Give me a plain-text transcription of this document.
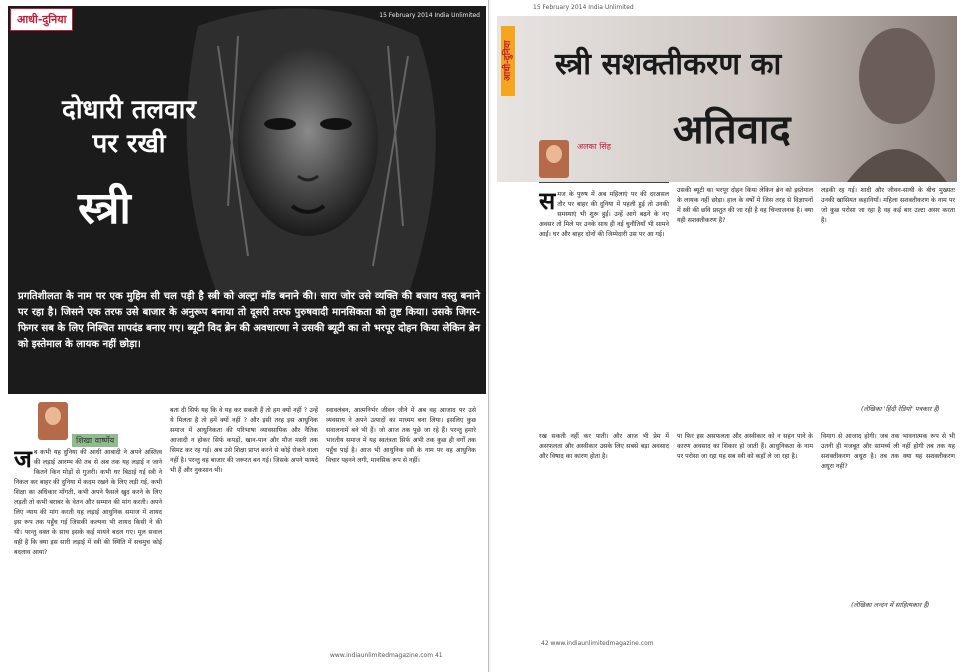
आधी-दुनिया	15 February 2014 India Unlimited
दोधारी तलवार
पर रखी
स्त्री
प्रगतिशीलता के नाम पर एक मुहिम सी चल पड़ी है स्त्री को अल्ट्रा मॉड बनाने की। सारा जोर उसे व्यक्ति की बजाय वस्तु बनाने पर रहा है। जिसने एक तरफ उसे बाजार के अनुरूप बनाया तो दूसरी तरफ पुरुषवादी मानसिकता को तुष्ट किया। उसके जिगर-फिगर सब के लिए निश्चित मापदंड बनाए गए। ब्यूटी विद ब्रेन की अवधारणा ने उसकी ब्यूटी का तो भरपूर दोहन किया लेकिन ब्रेन को इस्तेमाल के लायक नहीं छोड़ा।
शिखा वार्ष्णेय
जब कभी यह दुनिया की आधी आबादी ने अपने अस्तित्व की लड़ाई आरम्भ की तब से अब तक यह लड़ाई न जाने कितने किन मोड़ों से गुजरी। कभी घर बिठाई गई स्त्री ने निकल कर बाहर की दुनिया में कदम रखने के लिए लड़ी गई, कभी शिक्षा का अधिकार माँगती, कभी अपने फैसले खुद करने के लिए लड़ती तो कभी बराबर के वेतन और सम्मान की मांग करती। अपने लिए न्याय की मांग करती यह लड़ाई आधुनिक समाज में शायद इस रूप तक पहुँच गई जिसकी कल्पना भी शायद किसी ने की थी। परन्तु वक्त के साथ इसके कई मायने बदल गए। मूल सवाल वही है कि क्या इस सारी लड़ाई में स्त्री की स्थिति में सचमुच कोई बदलाव आया?
बता दी सिर्फ यह कि वे यह कर सकती हैं तो हम क्यों नहीं ? उन्हें ये मिलता है तो हमें क्यों नहीं ? और इसी तरह इस आधुनिक समाज में आधुनिकता की परिभाषा व्यावसायिक और नैतिक आजादी न होकर सिर्फ कपड़ों, खान-पान और मौज मस्ती तक सिमट कर रह गई। अब उसे शिक्षा प्राप्त करने से कोई रोकने वाला नहीं है। परन्तु वह बाजार की जरूरत बन गई। जिसके अपने फायदे भी हैं और नुकसान भी।
स्वावलंबन, आत्मनिर्भर जीवन जीने में अब वह आजाद पर उसे व्यवसाय ने अपने उत्पादों का माध्यम बना लिया। इसलिए कुछ सवालनामें बने भी हैं। जो आज तक पूछे जा रहे हैं। परन्तु हमारे भारतीय समाज में यह स्वतंत्रता सिर्फ अभी तक कुछ ही वर्गों तक पहुँच पाई है। आज भी आधुनिक स्त्री के नाम पर वह आधुनिक विचार पहनने लगी, मानसिक रूप से नहीं।
www.indiaunlimitedmagazine.com 41
15 February 2014 India Unlimited
आधी-दुनिया स्त्री सशक्तीकरण का
अतिवाद
अलका सिंह
समज के पुरुष में अब महिलाएं पर की दरअसल तौर पर बाहर की दुनिया में पहली हुई तो उनकी समस्याएं भी शुरू हुईं। उन्हें आगे बढ़ने के नए अवसर तो मिले पर उनके साथ ही नई चुनौतियाँ भी सामने आईं। घर और बाहर दोनों की जिम्मेदारी उस पर आ गई।
उसकी ब्यूटी का भरपूर दोहन किया लेकिन ब्रेन को इस्तेमाल के लायक नहीं छोड़ा। हाल के वर्षों में जिस तरह से विज्ञापनों में स्त्री की छवि प्रस्तुत की जा रही है वह चिन्ताजनक है। क्या यही सशक्तीकरण है?
लड़की रह गई। शादी और जीवन-साथी के बीच मुख्यतः उनकी खासियत कहानियाँ। महिला सशक्तीकरण के नाम पर जो कुछ परोसा जा रहा है वह कई बार उल्टा असर करता है।
(लेखिका 'हिंदी रेडियो' पत्रकार हैं)
रख सकती नहीं कर पाती। और आज भी प्रेम में असफलता और अस्वीकार उसके लिए सबसे बड़ा अवसाद और विषाद का कारण होता है।
पा फिर इस असफलता और अस्वीकार को न सहन पाने के कारण अवसाद का शिकार हो जाती हैं। आधुनिकता के नाम पर परोसा जा रहा यह सब स्त्री को कहाँ ले जा रहा है।
विमाग से आजाद होगी। जब तक भावनात्मक रूप से भी उतनी ही मजबूत और सामर्थ्य ली नहीं होगी तब तक यह सशक्तीकरण अधूरा है। तब तक क्या यह सशक्तीकरण अधूरा नहीं?
(लेखिका लन्दन में साहित्यकार हैं)
42 www.indiaunlimitedmagazine.com
